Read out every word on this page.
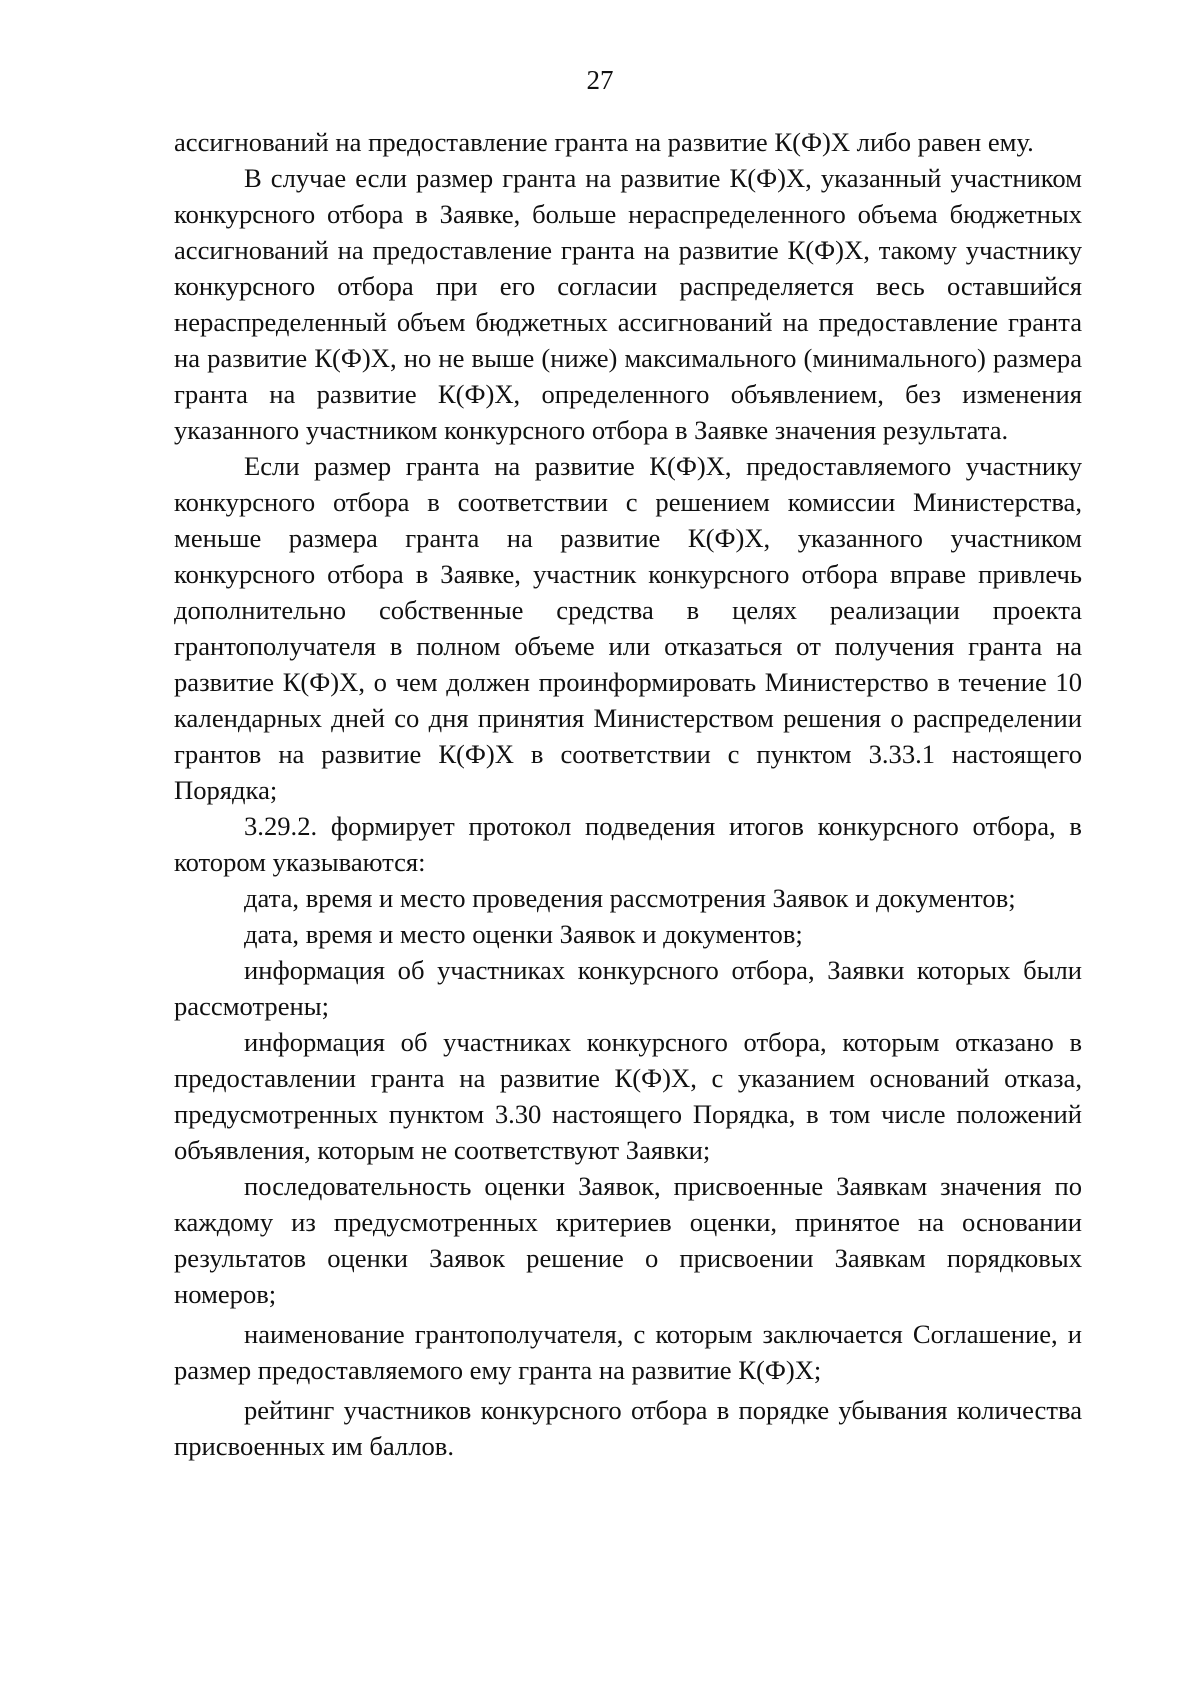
27

ассигнований на предоставление гранта на развитие К(Ф)Х либо равен ему.

В случае если размер гранта на развитие К(Ф)Х, указанный участником конкурсного отбора в Заявке, больше нераспределенного объема бюджетных ассигнований на предоставление гранта на развитие К(Ф)Х, такому участнику конкурсного отбора при его согласии распределяется весь оставшийся нераспределенный объем бюджетных ассигнований на предоставление гранта на развитие К(Ф)Х, но не выше (ниже) максимального (минимального) размера гранта на развитие К(Ф)Х, определенного объявлением, без изменения указанного участником конкурсного отбора в Заявке значения результата.

Если размер гранта на развитие К(Ф)Х, предоставляемого участнику конкурсного отбора в соответствии с решением комиссии Министерства, меньше размера гранта на развитие К(Ф)Х, указанного участником конкурсного отбора в Заявке, участник конкурсного отбора вправе привлечь дополнительно собственные средства в целях реализации проекта грантополучателя в полном объеме или отказаться от получения гранта на развитие К(Ф)Х, о чем должен проинформировать Министерство в течение 10 календарных дней со дня принятия Министерством решения о распределении грантов на развитие К(Ф)Х в соответствии с пунктом 3.33.1 настоящего Порядка;

3.29.2. формирует протокол подведения итогов конкурсного отбора, в котором указываются:

дата, время и место проведения рассмотрения Заявок и документов;

дата, время и место оценки Заявок и документов;

информация об участниках конкурсного отбора, Заявки которых были рассмотрены;

информация об участниках конкурсного отбора, которым отказано в предоставлении гранта на развитие К(Ф)Х, с указанием оснований отказа, предусмотренных пунктом 3.30 настоящего Порядка, в том числе положений объявления, которым не соответствуют Заявки;

последовательность оценки Заявок, присвоенные Заявкам значения по каждому из предусмотренных критериев оценки, принятое на основании результатов оценки Заявок решение о присвоении Заявкам порядковых номеров;

наименование грантополучателя, с которым заключается Соглашение, и размер предоставляемого ему гранта на развитие К(Ф)Х;

рейтинг участников конкурсного отбора в порядке убывания количества присвоенных им баллов.
